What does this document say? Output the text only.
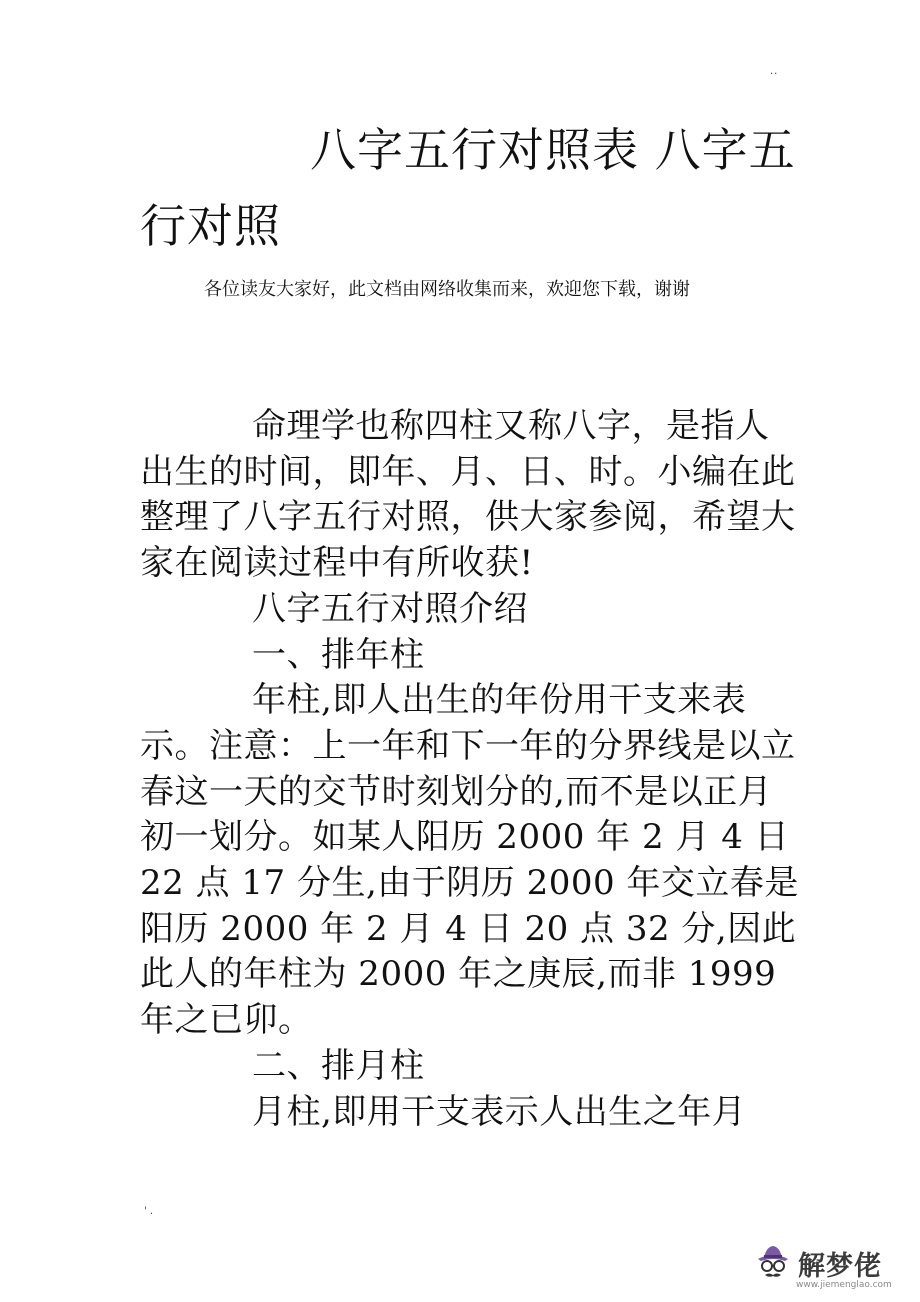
..
八字五行对照表 八字五行对照

各位读友大家好，此文档由网络收集而来，欢迎您下载，谢谢

命理学也称四柱又称八字，是指人出生的时间，即年、月、日、时。小编在此整理了八字五行对照，供大家参阅，希望大家在阅读过程中有所收获!

八字五行对照介绍

一、排年柱

年柱,即人出生的年份用干支来表示。注意：上一年和下一年的分界线是以立春这一天的交节时刻划分的,而不是以正月初一划分。如某人阳历 2000 年 2 月 4 日 22 点 17 分生,由于阴历 2000 年交立春是阳历 2000 年 2 月 4 日 20 点 32 分,因此此人的年柱为 2000 年之庚辰,而非 1999 年之已卯。

二、排月柱

月柱,即用干支表示人出生之年月

' .
解梦佬
www.jiemenglao.com
